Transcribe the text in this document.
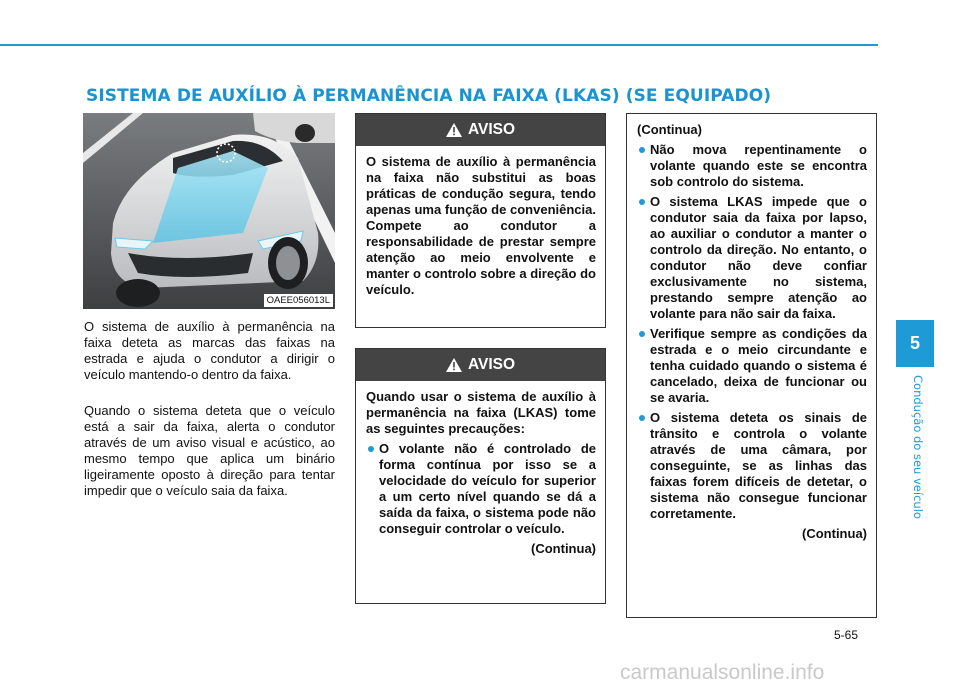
SISTEMA DE AUXÍLIO À PERMANÊNCIA NA FAIXA (LKAS) (SE EQUIPADO)
5
Condução do seu veículo
OAEE056013L
O sistema de auxílio à permanência na faixa deteta as marcas das faixas na estrada e ajuda o condutor a dirigir o veículo mantendo-o dentro da faixa.
Quando o sistema deteta que o veículo está a sair da faixa, alerta o condutor através de um aviso visual e acústico, ao mesmo tempo que aplica um binário ligeiramente oposto à direção para tentar impedir que o veículo saia da faixa.
AVISO

O sistema de auxílio à permanência na faixa não substitui as boas práticas de condução segura, tendo apenas uma função de conveniência. Compete ao condutor a responsabilidade de prestar sempre atenção ao meio envolvente e manter o controlo sobre a direção do veículo.

AVISO

Quando usar o sistema de auxílio à permanência na faixa (LKAS) tome as seguintes precauções:

O volante não é controlado de forma contínua por isso se a velocidade do veículo for superior a um certo nível quando se dá a saída da faixa, o sistema pode não conseguir controlar o veículo.
(Continua)
(Continua)
Não mova repentinamente o volante quando este se encontra sob controlo do sistema.
O sistema LKAS impede que o condutor saia da faixa por lapso, ao auxiliar o condutor a manter o controlo da direção. No entanto, o condutor não deve confiar exclusivamente no sistema, prestando sempre atenção ao volante para não sair da faixa.
Verifique sempre as condições da estrada e o meio circundante e tenha cuidado quando o sistema é cancelado, deixa de funcionar ou se avaria.
O sistema deteta os sinais de trânsito e controla o volante através de uma câmara, por conseguinte, se as linhas das faixas forem difíceis de detetar, o sistema não consegue funcionar corretamente.
(Continua)
5-65
carmanualsonline.info
